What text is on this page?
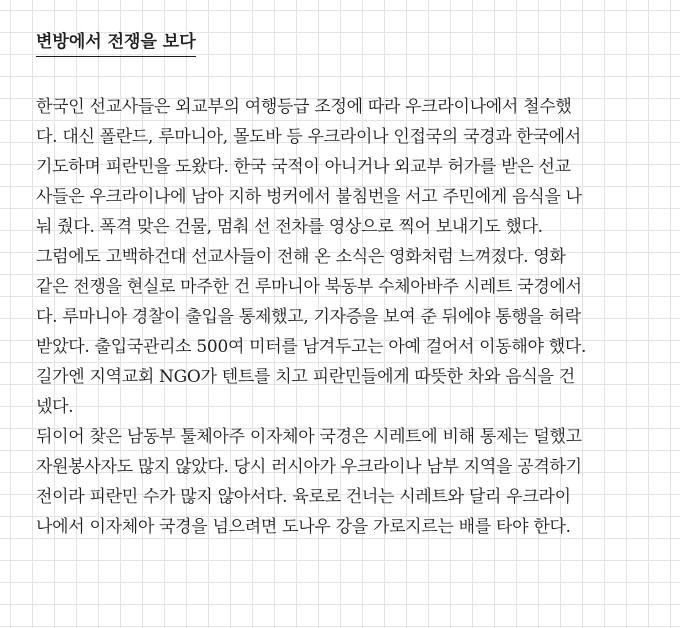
변방에서 전쟁을 보다
한국인 선교사들은 외교부의 여행등급 조정에 따라 우크라이나에서 철수했
다. 대신 폴란드, 루마니아, 몰도바 등 우크라이나 인접국의 국경과 한국에서
기도하며 피란민을 도왔다. 한국 국적이 아니거나 외교부 허가를 받은 선교
사들은 우크라이나에 남아 지하 벙커에서 불침번을 서고 주민에게 음식을 나
눠 줬다. 폭격 맞은 건물, 멈춰 선 전차를 영상으로 찍어 보내기도 했다.
그럼에도 고백하건대 선교사들이 전해 온 소식은 영화처럼 느껴졌다. 영화
같은 전쟁을 현실로 마주한 건 루마니아 북동부 수체아바주 시레트 국경에서
다. 루마니아 경찰이 출입을 통제했고, 기자증을 보여 준 뒤에야 통행을 허락
받았다. 출입국관리소 500여 미터를 남겨두고는 아예 걸어서 이동해야 했다.
길가엔 지역교회 NGO가 텐트를 치고 피란민들에게 따뜻한 차와 음식을 건
넸다.
뒤이어 찾은 남동부 툴체아주 이자체아 국경은 시레트에 비해 통제는 덜했고
자원봉사자도 많지 않았다. 당시 러시아가 우크라이나 남부 지역을 공격하기
전이라 피란민 수가 많지 않아서다. 육로로 건너는 시레트와 달리 우크라이
나에서 이자체아 국경을 넘으려면 도나우 강을 가로지르는 배를 타야 한다.
